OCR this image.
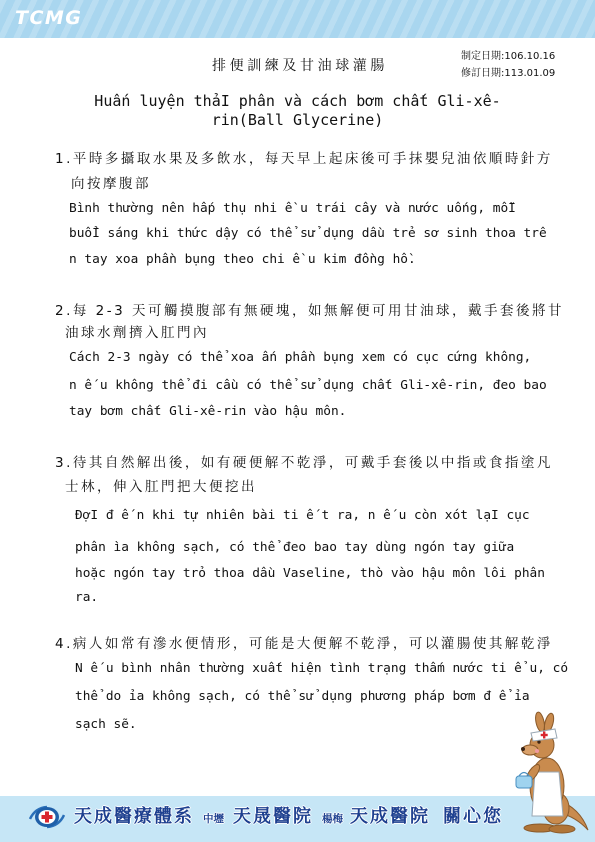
TCMG
制定日期:106.10.16
修訂日期:113.01.09
排便訓練及甘油球灌腸
Huấn luyện thảI phân và cách bơm chất Gli-xê-
rin(Ball Glycerine)
1.平時多攝取水果及多飲水，每天早上起床後可手抹嬰兒油依順時針方
向按摩腹部
Bình thường nên hấp thụ nhi ề u trái cây và nước uống, mỗI
buổI sáng khi thức dậy có thể sử dụng dầu trẻ sơ sinh thoa trê
n tay xoa phần bụng theo chi ề u kim đồng hồ.
2.每 2-3 天可觸摸腹部有無硬塊，如無解便可用甘油球，戴手套後將甘
油球水劑擠入肛門內
Cách 2-3 ngày có thể xoa ấn phần bụng xem có cục cứng không,
n ế u không thể đi cầu có thể sử dụng chất Gli-xê-rin, đeo bao
tay bơm chất Gli-xê-rin vào hậu môn.
3.待其自然解出後，如有硬便解不乾淨，可戴手套後以中指或食指塗凡
士林，伸入肛門把大便挖出
ĐợI đ ế n khi tự nhiên bài ti ế t ra, n ế u còn xót lạI cục
phân ìa không sạch, có thể đeo bao tay dùng ngón tay giữa
hoặc ngón tay trỏ thoa dầu Vaseline, thò vào hậu môn lôi phân
ra.
4.病人如常有滲水便情形，可能是大便解不乾淨，可以灌腸使其解乾淨
N ế u bình nhân thường xuất hiện tình trạng thấm nước ti ể u, có
thể do ỉa không sạch, có thể sử dụng phương pháp bơm đ ể ỉa
sạch sẽ.
天成醫療體系 中壢 天晟醫院 楊梅 天成醫院 關心您
